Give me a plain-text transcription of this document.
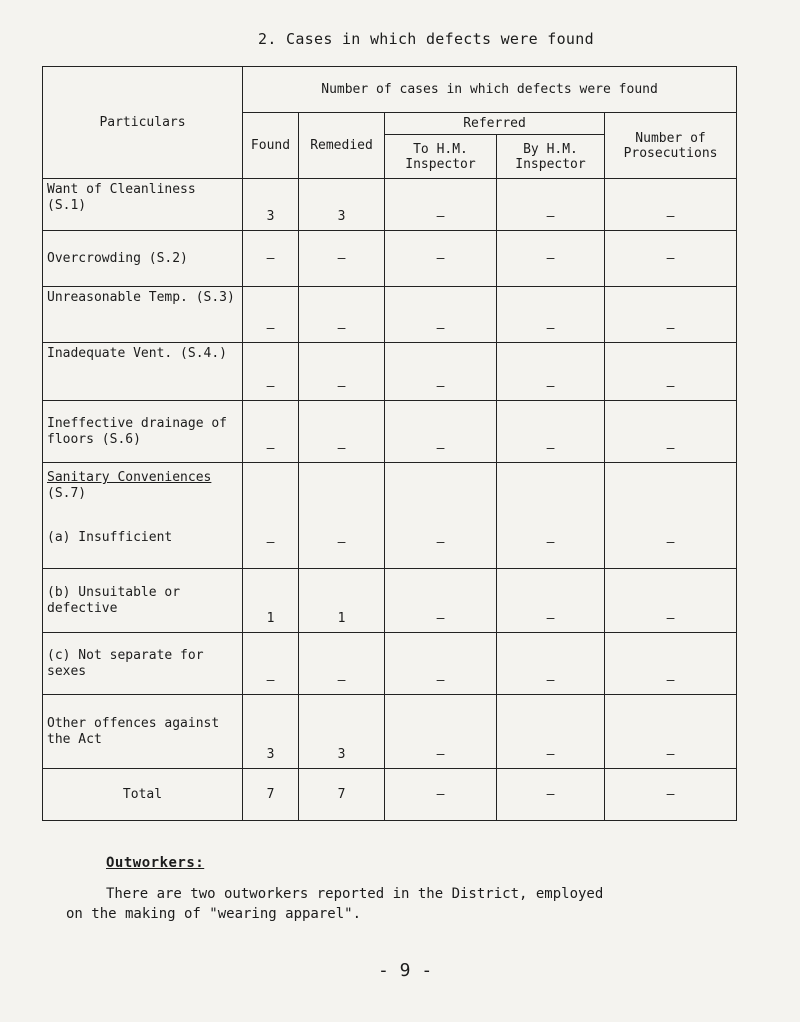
2. Cases in which defects were found
Particulars	Number of cases in which defects were found				
	Found	Remedied	Referred		Number of Prosecutions
			To H.M. Inspector	By H.M. Inspector	
Want of Cleanliness (S.1)	3	3	–	–	–
Overcrowding (S.2)	–	–	–	–	–
Unreasonable Temp. (S.3)	–	–	–	–	–
Inadequate Vent. (S.4.)	–	–	–	–	–
Ineffective drainage of floors (S.6)	–	–	–	–	–

Sanitary Conveniences (S.7)
(a) Insufficient	–	–	–	–	–
(b) Unsuitable or defective	1	1	–	–	–
(c) Not separate for sexes	–	–	–	–	–
Other offences against the Act	3	3	–	–	–
Total	7	7	–	–	–
Outworkers:
There are two outworkers reported in the District, employed
on the making of "wearing apparel".
- 9 -
